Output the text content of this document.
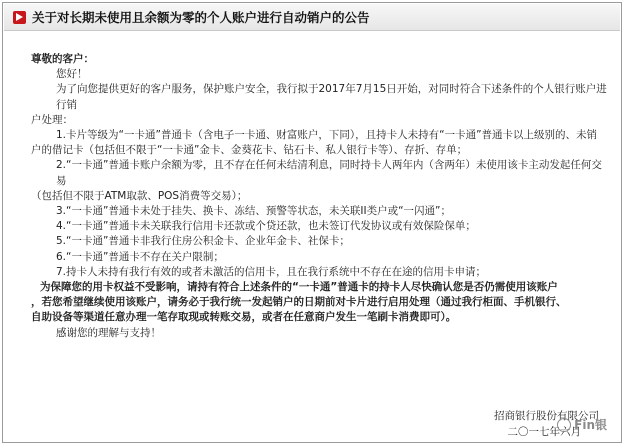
关于对长期未使用且余额为零的个人账户进行自动销户的公告

尊敬的客户：

您好！

为了向您提供更好的客户服务，保护账户安全，我行拟于2017年7月15日开始，对同时符合下述条件的个人银行账户进行销

户处理：

1.卡片等级为“一卡通”普通卡（含电子一卡通、财富账户，下同），且持卡人未持有“一卡通”普通卡以上级别的、未销

户的借记卡（包括但不限于“一卡通”金卡、金葵花卡、钻石卡、私人银行卡等）、存折、存单；

2.“一卡通”普通卡账户余额为零，且不存在任何未结清利息，同时持卡人两年内（含两年）未使用该卡主动发起任何交易

（包括但不限于ATM取款、POS消费等交易）；

3.“一卡通”普通卡未处于挂失、换卡、冻结、预警等状态，未关联II类户或“一闪通”；

4.“一卡通”普通卡未关联我行信用卡还款或个贷还款，也未签订代发协议或有效保险保单；

5.“一卡通”普通卡非我行住房公积金卡、企业年金卡、社保卡；

6.“一卡通”普通卡不存在关户限制；

7.持卡人未持有我行有效的或者未激活的信用卡，且在我行系统中不存在在途的信用卡申请；

为保障您的用卡权益不受影响，请持有符合上述条件的“一卡通”普通卡的持卡人尽快确认您是否仍需使用该账户

，若您希望继续使用该账户，请务必于我行统一发起销户的日期前对卡片进行启用处理（通过我行柜面、手机银行、

自助设备等渠道任意办理一笔存取现或转账交易，或者在任意商户发生一笔刷卡消费即可）。

感谢您的理解与支持！

招商银行股份有限公司
二〇一七年六月
Fin银
